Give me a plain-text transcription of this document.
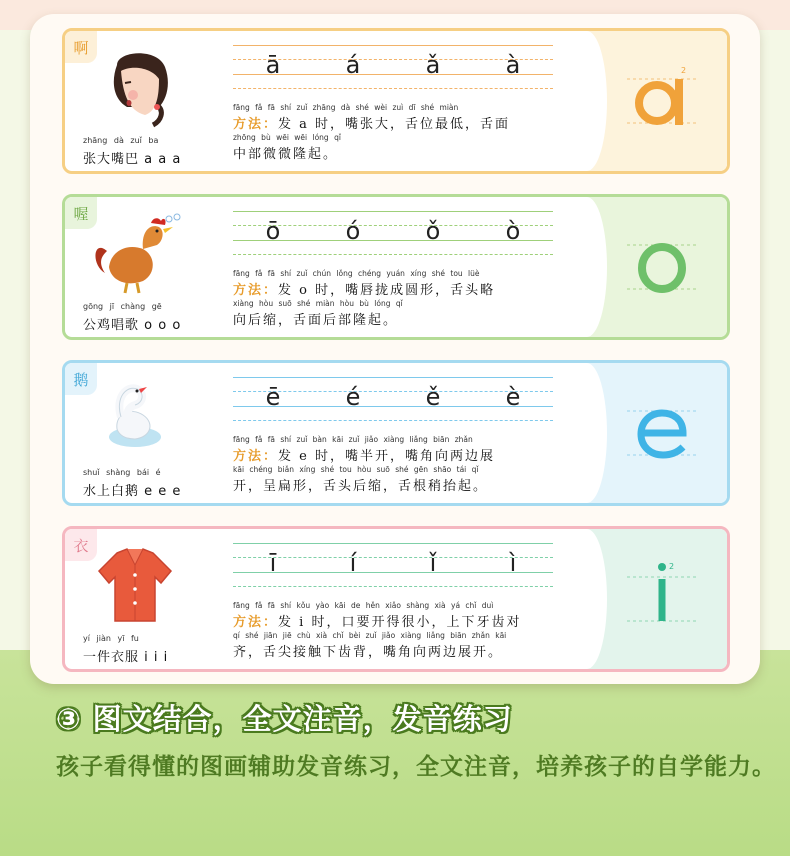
啊
zhāng dà zuǐ ba
张大嘴巴 a a a
ā	á	ǎ	à
fāng fǎ fā shí zuǐ zhāng dà shé wèi zuì dī shé miàn
方法：发 a 时，嘴张大，舌位最低，舌面
zhōng bù wēi wēi lóng qǐ
中部微微隆起。
2
喔
gōng jī chàng gē
公鸡唱歌 o o o
ō	ó	ǒ	ò
fāng fǎ fā shí zuǐ chún lǒng chéng yuán xíng shé tou lüè
方法：发 o 时，嘴唇拢成圆形，舌头略
xiàng hòu suō shé miàn hòu bù lóng qǐ
向后缩，舌面后部隆起。
鹅
shuǐ shàng bái é
水上白鹅 e e e
ē	é	ě	è
fāng fǎ fā shí zuǐ bàn kāi zuǐ jiǎo xiàng liǎng biān zhǎn
方法：发 e 时，嘴半开，嘴角向两边展
kāi chéng biǎn xíng shé tou hòu suō shé gēn shāo tái qǐ
开，呈扁形，舌头后缩，舌根稍抬起。
衣
yí jiàn yī fu
一件衣服 i i i
ī	í	ǐ	ì
fāng fǎ fā shí kǒu yào kāi de hěn xiǎo shàng xià yá chǐ duì
方法：发 i 时，口要开得很小，上下牙齿对
qí shé jiān jiē chù xià chǐ bèi zuǐ jiǎo xiàng liǎng biān zhǎn kāi
齐，舌尖接触下齿背，嘴角向两边展开。
2
③ 图文结合，全文注音，发音练习
孩子看得懂的图画辅助发音练习，全文注音，培养孩子的自学能力。
